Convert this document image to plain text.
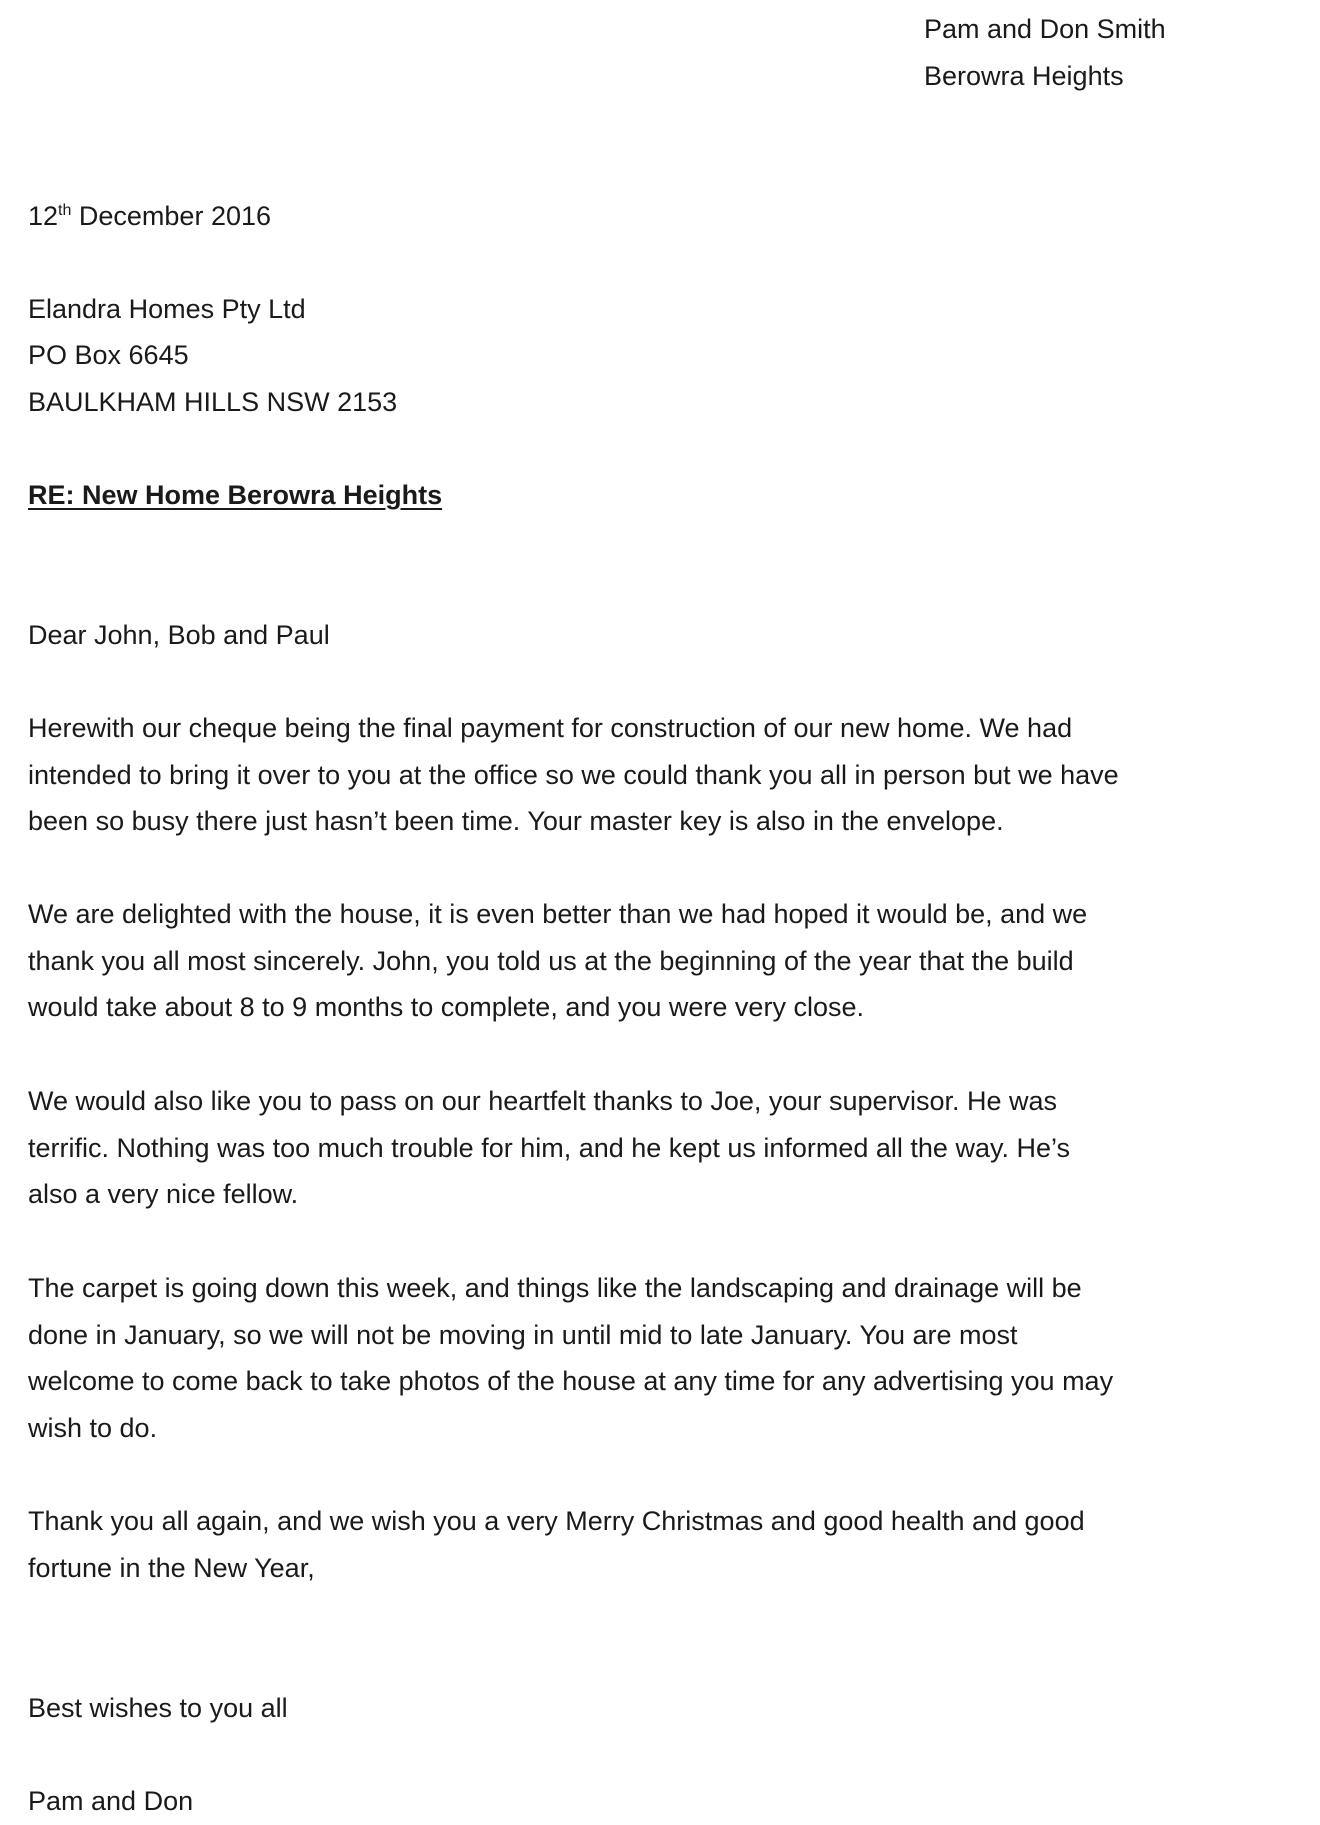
Pam and Don Smith

Berowra Heights

12th December 2016

Elandra Homes Pty Ltd

PO Box 6645

BAULKHAM HILLS NSW 2153

RE: New Home Berowra Heights

Dear John, Bob and Paul

Herewith our cheque being the final payment for construction of our new home. We had
intended to bring it over to you at the office so we could thank you all in person but we have
been so busy there just hasn’t been time. Your master key is also in the envelope.
We are delighted with the house, it is even better than we had hoped it would be, and we
thank you all most sincerely. John, you told us at the beginning of the year that the build
would take about 8 to 9 months to complete, and you were very close.
We would also like you to pass on our heartfelt thanks to Joe, your supervisor. He was
terrific. Nothing was too much trouble for him, and he kept us informed all the way. He’s
also a very nice fellow.
The carpet is going down this week, and things like the landscaping and drainage will be
done in January, so we will not be moving in until mid to late January. You are most
welcome to come back to take photos of the house at any time for any advertising you may
wish to do.
Thank you all again, and we wish you a very Merry Christmas and good health and good
fortune in the New Year,

Best wishes to you all

Pam and Don
